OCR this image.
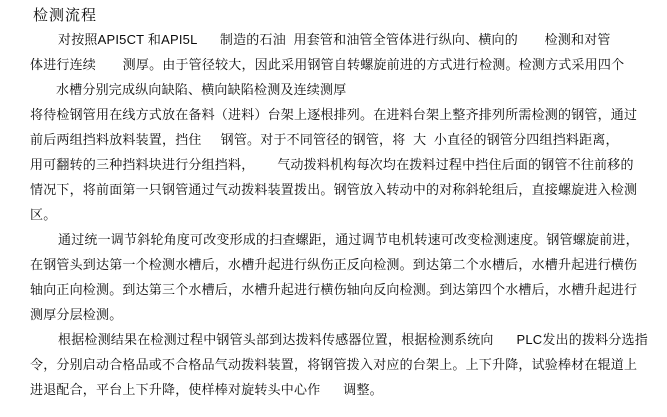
检测流程
对按照API5CT 和API5L      制造的石油  用套管和油管全管体进行纵向、横向的       检测和对管
体进行连续       测厚。由于管径较大，因此采用钢管自转螺旋前进的方式进行检测。检测方式采用四个
水槽分别完成纵向缺陷、横向缺陷检测及连续测厚
将待检钢管用在线方式放在备料（进料）台架上逐根排列。在进料台架上整齐排列所需检测的钢管，通过
前后两组挡料放料装置，挡住     钢管。对于不同管径的钢管，将  大  小直径的钢管分四组挡料距离，
用可翻转的三种挡料块进行分组挡料，      气动拨料机构每次均在拨料过程中挡住后面的钢管不往前移的
情况下，将前面第一只钢管通过气动拨料装置拨出。钢管放入转动中的对称斜轮组后，直接螺旋进入检测
区。
通过统一调节斜轮角度可改变形成的扫查螺距，通过调节电机转速可改变检测速度。钢管螺旋前进，
在钢管头到达第一个检测水槽后，水槽升起进行纵伤正反向检测。到达第二个水槽后，水槽升起进行横伤
轴向正向检测。到达第三个水槽后，水槽升起进行横伤轴向反向检测。到达第四个水槽后，水槽升起进行
测厚分层检测。
根据检测结果在检测过程中钢管头部到达拨料传感器位置，根据检测系统向      PLC发出的拨料分选指
令，分别启动合格品或不合格品气动拨料装置，将钢管拨入对应的台架上。上下升降，试验棒材在辊道上
进退配合，平台上下升降，使样棒对旋转头中心作      调整。
